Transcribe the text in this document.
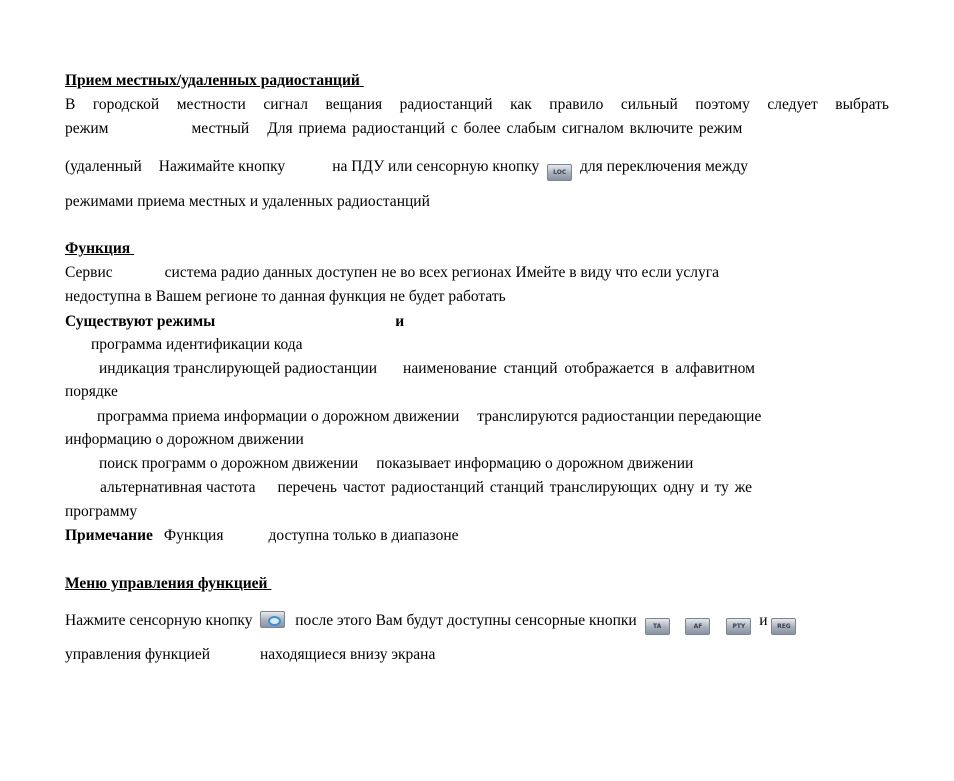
Прием местных/удаленных радиостанций
В городской местности сигнал вещания радиостанций как правило сильный поэтому следует выбрать
режим	местный Для приема радиостанций с более слабым сигналом включите режим
(удаленный Нажимайте кнопку	на ПДУ или сенсорную кнопку LOC для переключения между
режимами приема местных и удаленных радиостанций
Функция
Сервис	система радио данных доступен не во всех регионах Имейте в виду что если услуга
недоступна в Вашем регионе то данная функция не будет работать
Существуют режимы	и
программа идентификации кода
индикация транслирующей радиостанции наименование станций отображается в алфавитном
порядке
программа приема информации о дорожном движении транслируются радиостанции передающие
информацию о дорожном движении
поиск программ о дорожном движении показывает информацию о дорожном движении
альтернативная частота перечень частот радиостанций станций транслирующих одну и ту же
программу
Примечание Функция	доступна только в диапазоне
Меню управления функцией
Нажмите сенсорную кнопку	после этого Вам будут доступны сенсорные кнопки	TA	AF	PTY и REG
управления функцией	находящиеся внизу экрана
